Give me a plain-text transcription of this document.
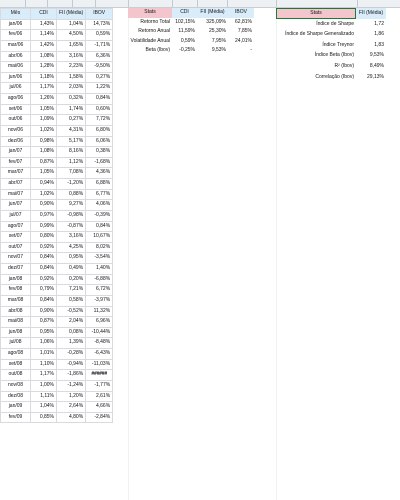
Mês	CDI	FII (Média)	IBOV
jan/06	1,43%	1,04%	14,73%
fev/06	1,14%	4,50%	0,59%
mar/06	1,42%	1,65%	-1,71%
abr/06	1,08%	3,16%	6,36%
mai/06	1,28%	2,23%	-9,50%
jun/06	1,18%	1,58%	0,27%
jul/06	1,17%	2,03%	1,22%
ago/06	1,26%	0,32%	0,84%
set/06	1,05%	1,74%	0,60%
out/06	1,09%	0,27%	7,72%
nov/06	1,02%	4,31%	6,80%
dez/06	0,98%	5,17%	6,06%
jan/07	1,08%	8,16%	0,38%
fev/07	0,87%	1,12%	-1,68%
mar/07	1,05%	7,08%	4,36%
abr/07	0,94%	-1,20%	6,88%
mai/07	1,02%	0,88%	6,77%
jun/07	0,90%	9,27%	4,06%
jul/07	0,97%	-0,98%	-0,39%
ago/07	0,99%	-0,87%	0,84%
set/07	0,80%	3,16%	10,67%
out/07	0,92%	4,25%	8,02%
nov/07	0,84%	0,95%	-3,54%
dez/07	0,84%	0,49%	1,40%
jan/08	0,92%	0,20%	-6,88%
fev/08	0,79%	7,21%	6,72%
mar/08	0,84%	0,58%	-3,97%
abr/08	0,90%	-0,52%	11,32%
mai/08	0,87%	2,04%	6,96%
jun/08	0,95%	0,08%	-10,44%
jul/08	1,06%	1,39%	-8,48%
ago/08	1,01%	-0,28%	-6,43%
set/08	1,10%	-0,94%	-11,03%
out/08	1,17%	-1,86%	######
nov/08	1,00%	-1,24%	-1,77%
dez/08	1,11%	1,20%	2,61%
jan/09	1,04%	2,64%	4,66%
fev/09	0,85%	4,80%	-2,84%
Stats	CDI	FII (Média)	IBOV
Retorno Total	102,15%	325,09%	62,81%
Retorno Anual	11,59%	25,30%	7,85%
Volatilidade Anual	0,59%	7,95%	24,01%
Beta (Ibov)	-0,25%	9,53%	-
Stats	FII (Média)
Índice de Sharpe	1,72
Índice de Sharpe Generalizado	1,86
Índice Treynor	1,83
Índice Beta (Ibov)	9,53%
R² (Ibov)	8,49%
Correlação (Ibov)	29,13%
